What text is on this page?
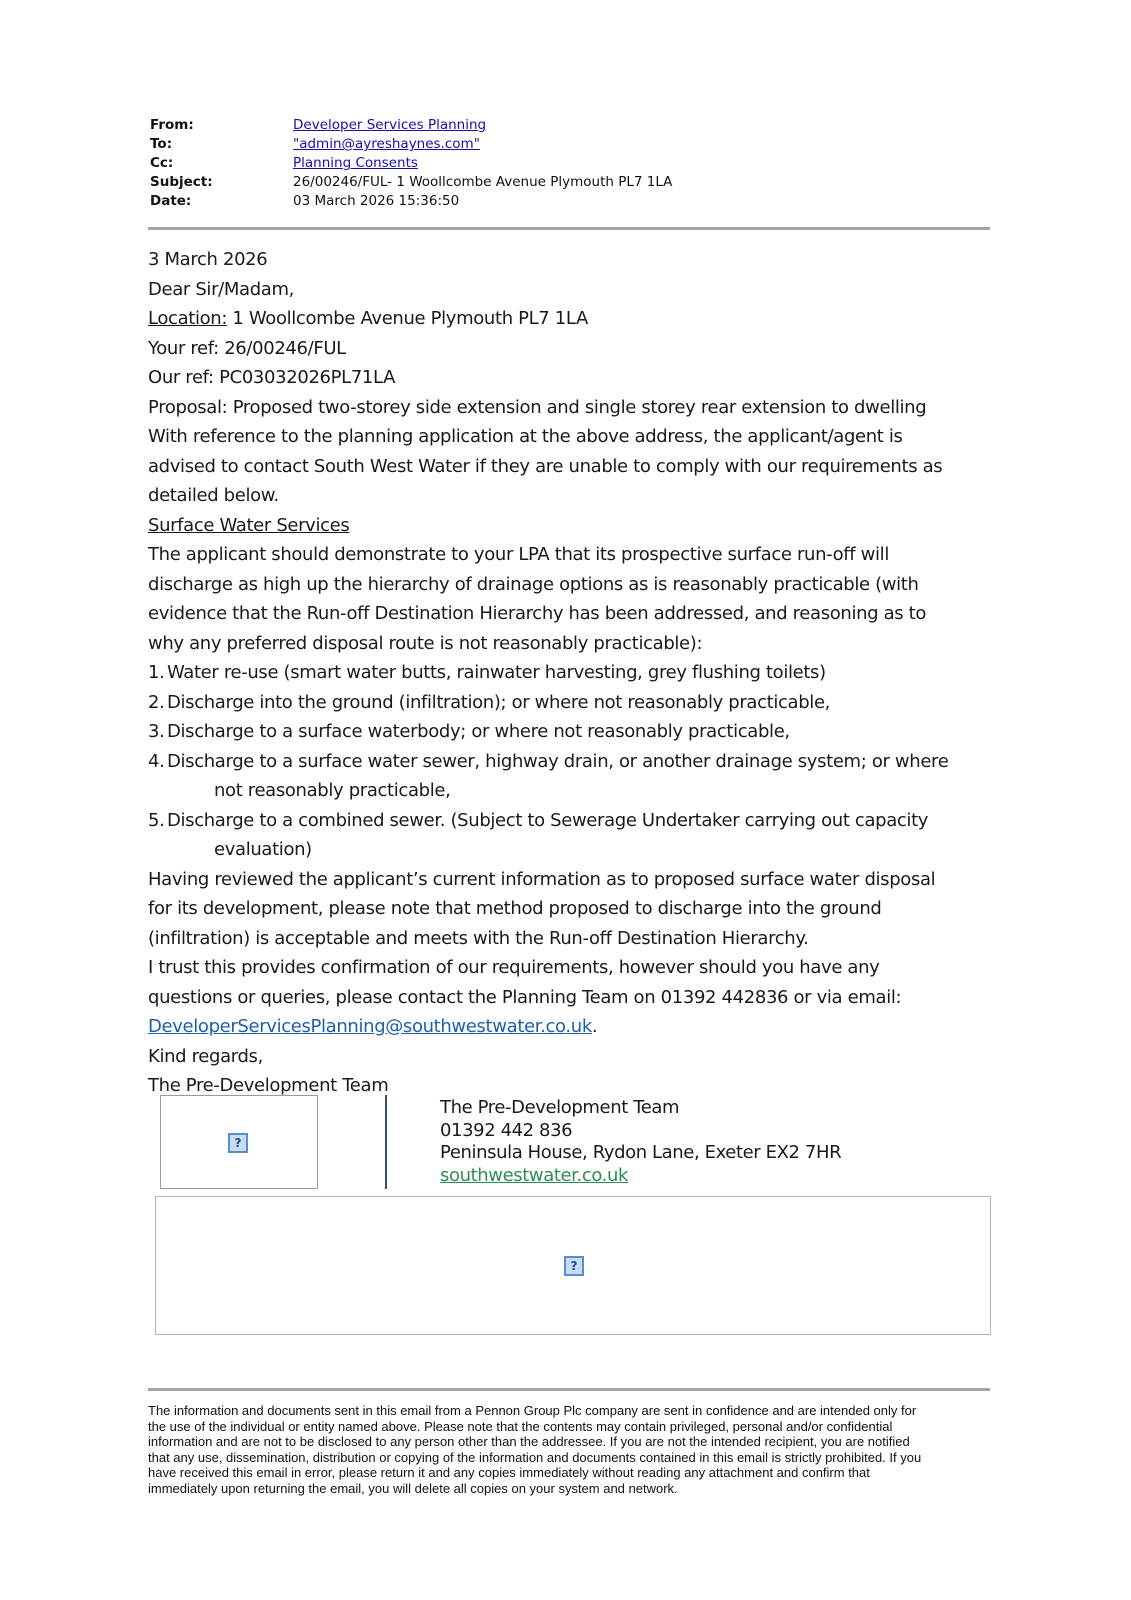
From:	Developer Services Planning
To:	"admin@ayreshaynes.com"
Cc:	Planning Consents
Subject:	26/00246/FUL- 1 Woollcombe Avenue Plymouth PL7 1LA
Date:	03 March 2026 15:36:50

3 March 2026

Dear Sir/Madam,

Location: 1 Woollcombe Avenue Plymouth PL7 1LA

Your ref: 26/00246/FUL

Our ref: PC03032026PL71LA

Proposal: Proposed two-storey side extension and single storey rear extension to dwelling

With reference to the planning application at the above address, the applicant/agent is

advised to contact South West Water if they are unable to comply with our requirements as

detailed below.

Surface Water Services

The applicant should demonstrate to your LPA that its prospective surface run-off will

discharge as high up the hierarchy of drainage options as is reasonably practicable (with

evidence that the Run-off Destination Hierarchy has been addressed, and reasoning as to

why any preferred disposal route is not reasonably practicable):

1. Water re-use (smart water butts, rainwater harvesting, grey flushing toilets)

2. Discharge into the ground (infiltration); or where not reasonably practicable,

3. Discharge to a surface waterbody; or where not reasonably practicable,

4. Discharge to a surface water sewer, highway drain, or another drainage system; or where

not reasonably practicable,

5. Discharge to a combined sewer. (Subject to Sewerage Undertaker carrying out capacity

evaluation)

Having reviewed the applicant’s current information as to proposed surface water disposal

for its development, please note that method proposed to discharge into the ground

(infiltration) is acceptable and meets with the Run-off Destination Hierarchy.

I trust this provides confirmation of our requirements, however should you have any

questions or queries, please contact the Planning Team on 01392 442836 or via email:

DeveloperServicesPlanning@southwestwater.co.uk.

Kind regards,

The Pre-Development Team

?
The Pre-Development Team
01392 442 836
Peninsula House, Rydon Lane, Exeter EX2 7HR
southwestwater.co.uk
?
The information and documents sent in this email from a Pennon Group Plc company are sent in confidence and are intended only for
the use of the individual or entity named above. Please note that the contents may contain privileged, personal and/or confidential
information and are not to be disclosed to any person other than the addressee. If you are not the intended recipient, you are notified
that any use, dissemination, distribution or copying of the information and documents contained in this email is strictly prohibited. If you
have received this email in error, please return it and any copies immediately without reading any attachment and confirm that
immediately upon returning the email, you will delete all copies on your system and network.
